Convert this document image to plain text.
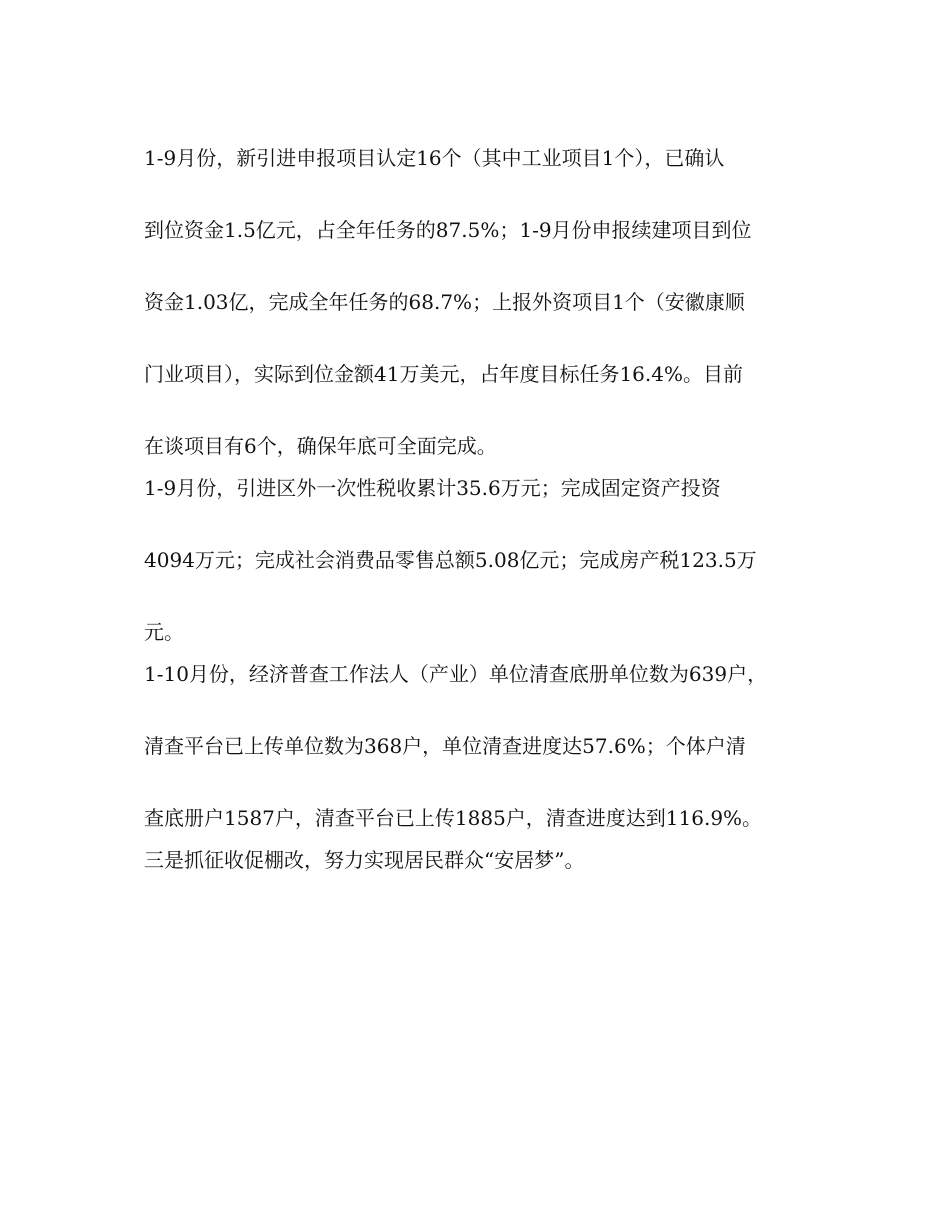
1-9月份，新引进申报项目认定16个（其中工业项目1个），已确认
到位资金1.5亿元，占全年任务的87.5%；1-9月份申报续建项目到位
资金1.03亿，完成全年任务的68.7%；上报外资项目1个（安徽康顺
门业项目），实际到位金额41万美元，占年度目标任务16.4%。目前
在谈项目有6个，确保年底可全面完成。
1-9月份，引进区外一次性税收累计35.6万元；完成固定资产投资
4094万元；完成社会消费品零售总额5.08亿元；完成房产税123.5万
元。
1-10月份，经济普查工作法人（产业）单位清查底册单位数为639户，
清查平台已上传单位数为368户，单位清查进度达57.6%；个体户清
查底册户1587户，清查平台已上传1885户，清查进度达到116.9%。
三是抓征收促棚改，努力实现居民群众“安居梦”。
